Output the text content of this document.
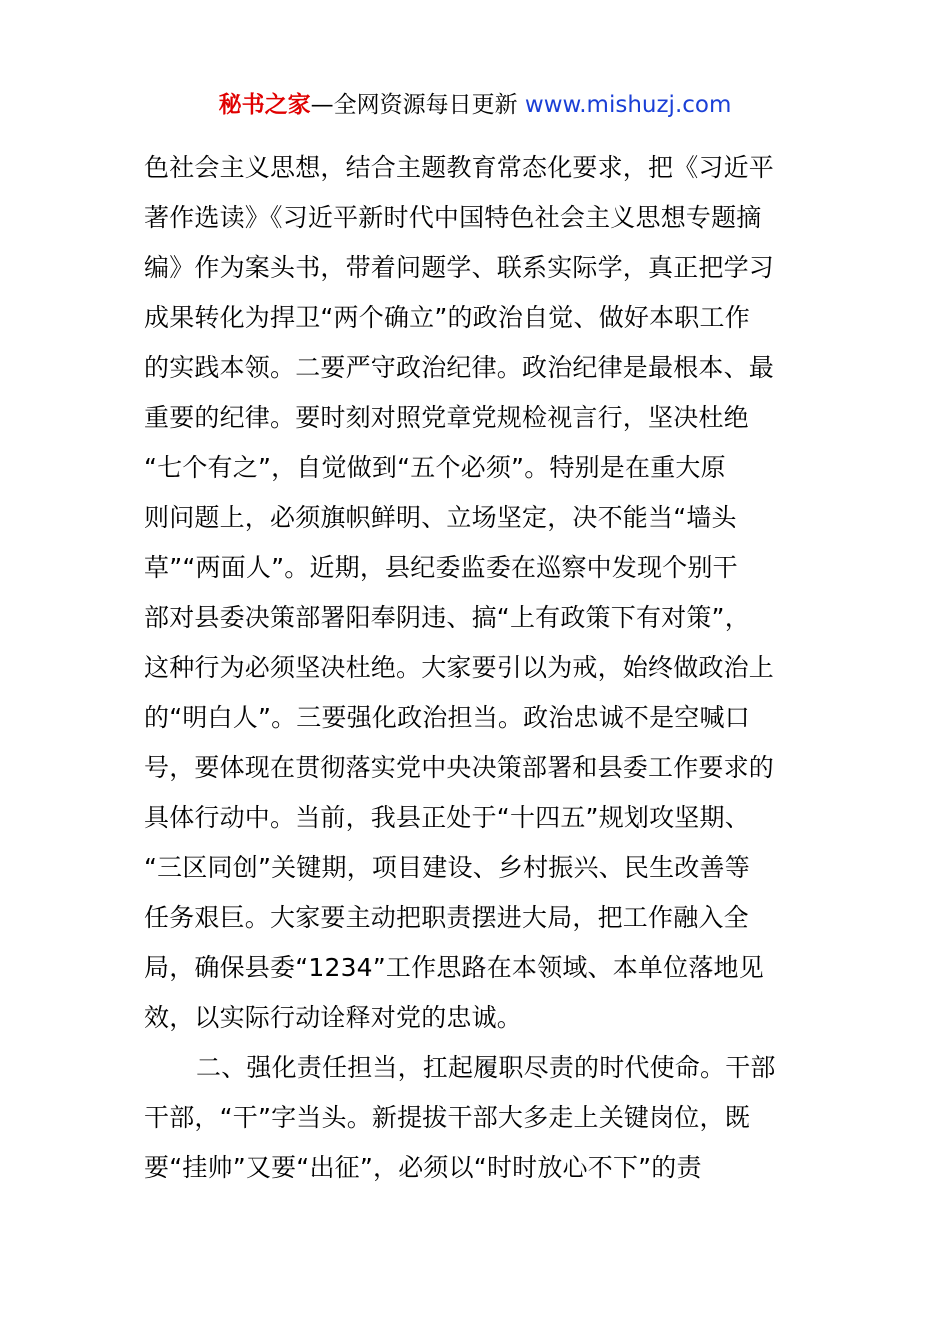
秘书之家—全网资源每日更新 www.mishuzj.com
色社会主义思想，结合主题教育常态化要求，把《习近平
著作选读》《习近平新时代中国特色社会主义思想专题摘
编》作为案头书，带着问题学、联系实际学，真正把学习
成果转化为捍卫“两个确立”的政治自觉、做好本职工作
的实践本领。二要严守政治纪律。政治纪律是最根本、最
重要的纪律。要时刻对照党章党规检视言行，坚决杜绝
“七个有之”，自觉做到“五个必须”。特别是在重大原
则问题上，必须旗帜鲜明、立场坚定，决不能当“墙头
草”“两面人”。近期，县纪委监委在巡察中发现个别干
部对县委决策部署阳奉阴违、搞“上有政策下有对策”，
这种行为必须坚决杜绝。大家要引以为戒，始终做政治上
的“明白人”。三要强化政治担当。政治忠诚不是空喊口
号，要体现在贯彻落实党中央决策部署和县委工作要求的
具体行动中。当前，我县正处于“十四五”规划攻坚期、
“三区同创”关键期，项目建设、乡村振兴、民生改善等
任务艰巨。大家要主动把职责摆进大局，把工作融入全
局，确保县委“1234”工作思路在本领域、本单位落地见
效，以实际行动诠释对党的忠诚。
二、强化责任担当，扛起履职尽责的时代使命。干部
干部，“干”字当头。新提拔干部大多走上关键岗位，既
要“挂帅”又要“出征”，必须以“时时放心不下”的责
